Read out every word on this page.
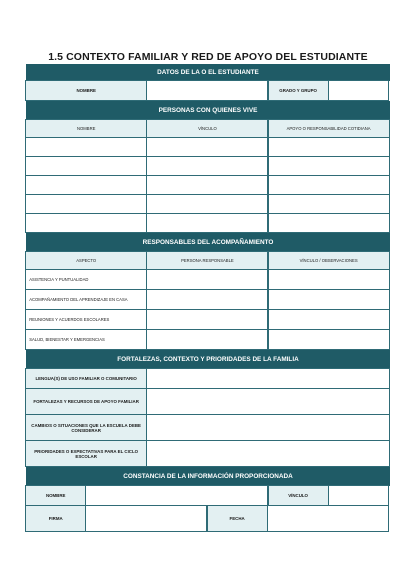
1.5 CONTEXTO FAMILIAR Y RED DE APOYO DEL ESTUDIANTE
DATOS DE LA O EL ESTUDIANTE
NOMBRE	GRADO Y GRUPO
PERSONAS CON QUIENES VIVE
NOMBRE	VÍNCULO	APOYO O RESPONSABILIDAD COTIDIANA
RESPONSABLES DEL ACOMPAÑAMIENTO
ASPECTO	PERSONA RESPONSABLE	VÍNCULO / OBSERVACIONES
ASISTENCIA Y PUNTUALIDAD
ACOMPAÑAMIENTO DEL APRENDIZAJE EN CASA
REUNIONES Y ACUERDOS ESCOLARES
SALUD, BIENESTAR Y EMERGENCIAS
FORTALEZAS, CONTEXTO Y PRIORIDADES DE LA FAMILIA
LENGUA(S) DE USO FAMILIAR O COMUNITARIO
FORTALEZAS Y RECURSOS DE APOYO FAMILIAR
CAMBIOS O SITUACIONES QUE LA ESCUELA DEBE CONSIDERAR
PRIORIDADES O EXPECTATIVAS PARA EL CICLO ESCOLAR
CONSTANCIA DE LA INFORMACIÓN PROPORCIONADA
NOMBRE	VÍNCULO
FIRMA	FECHA
